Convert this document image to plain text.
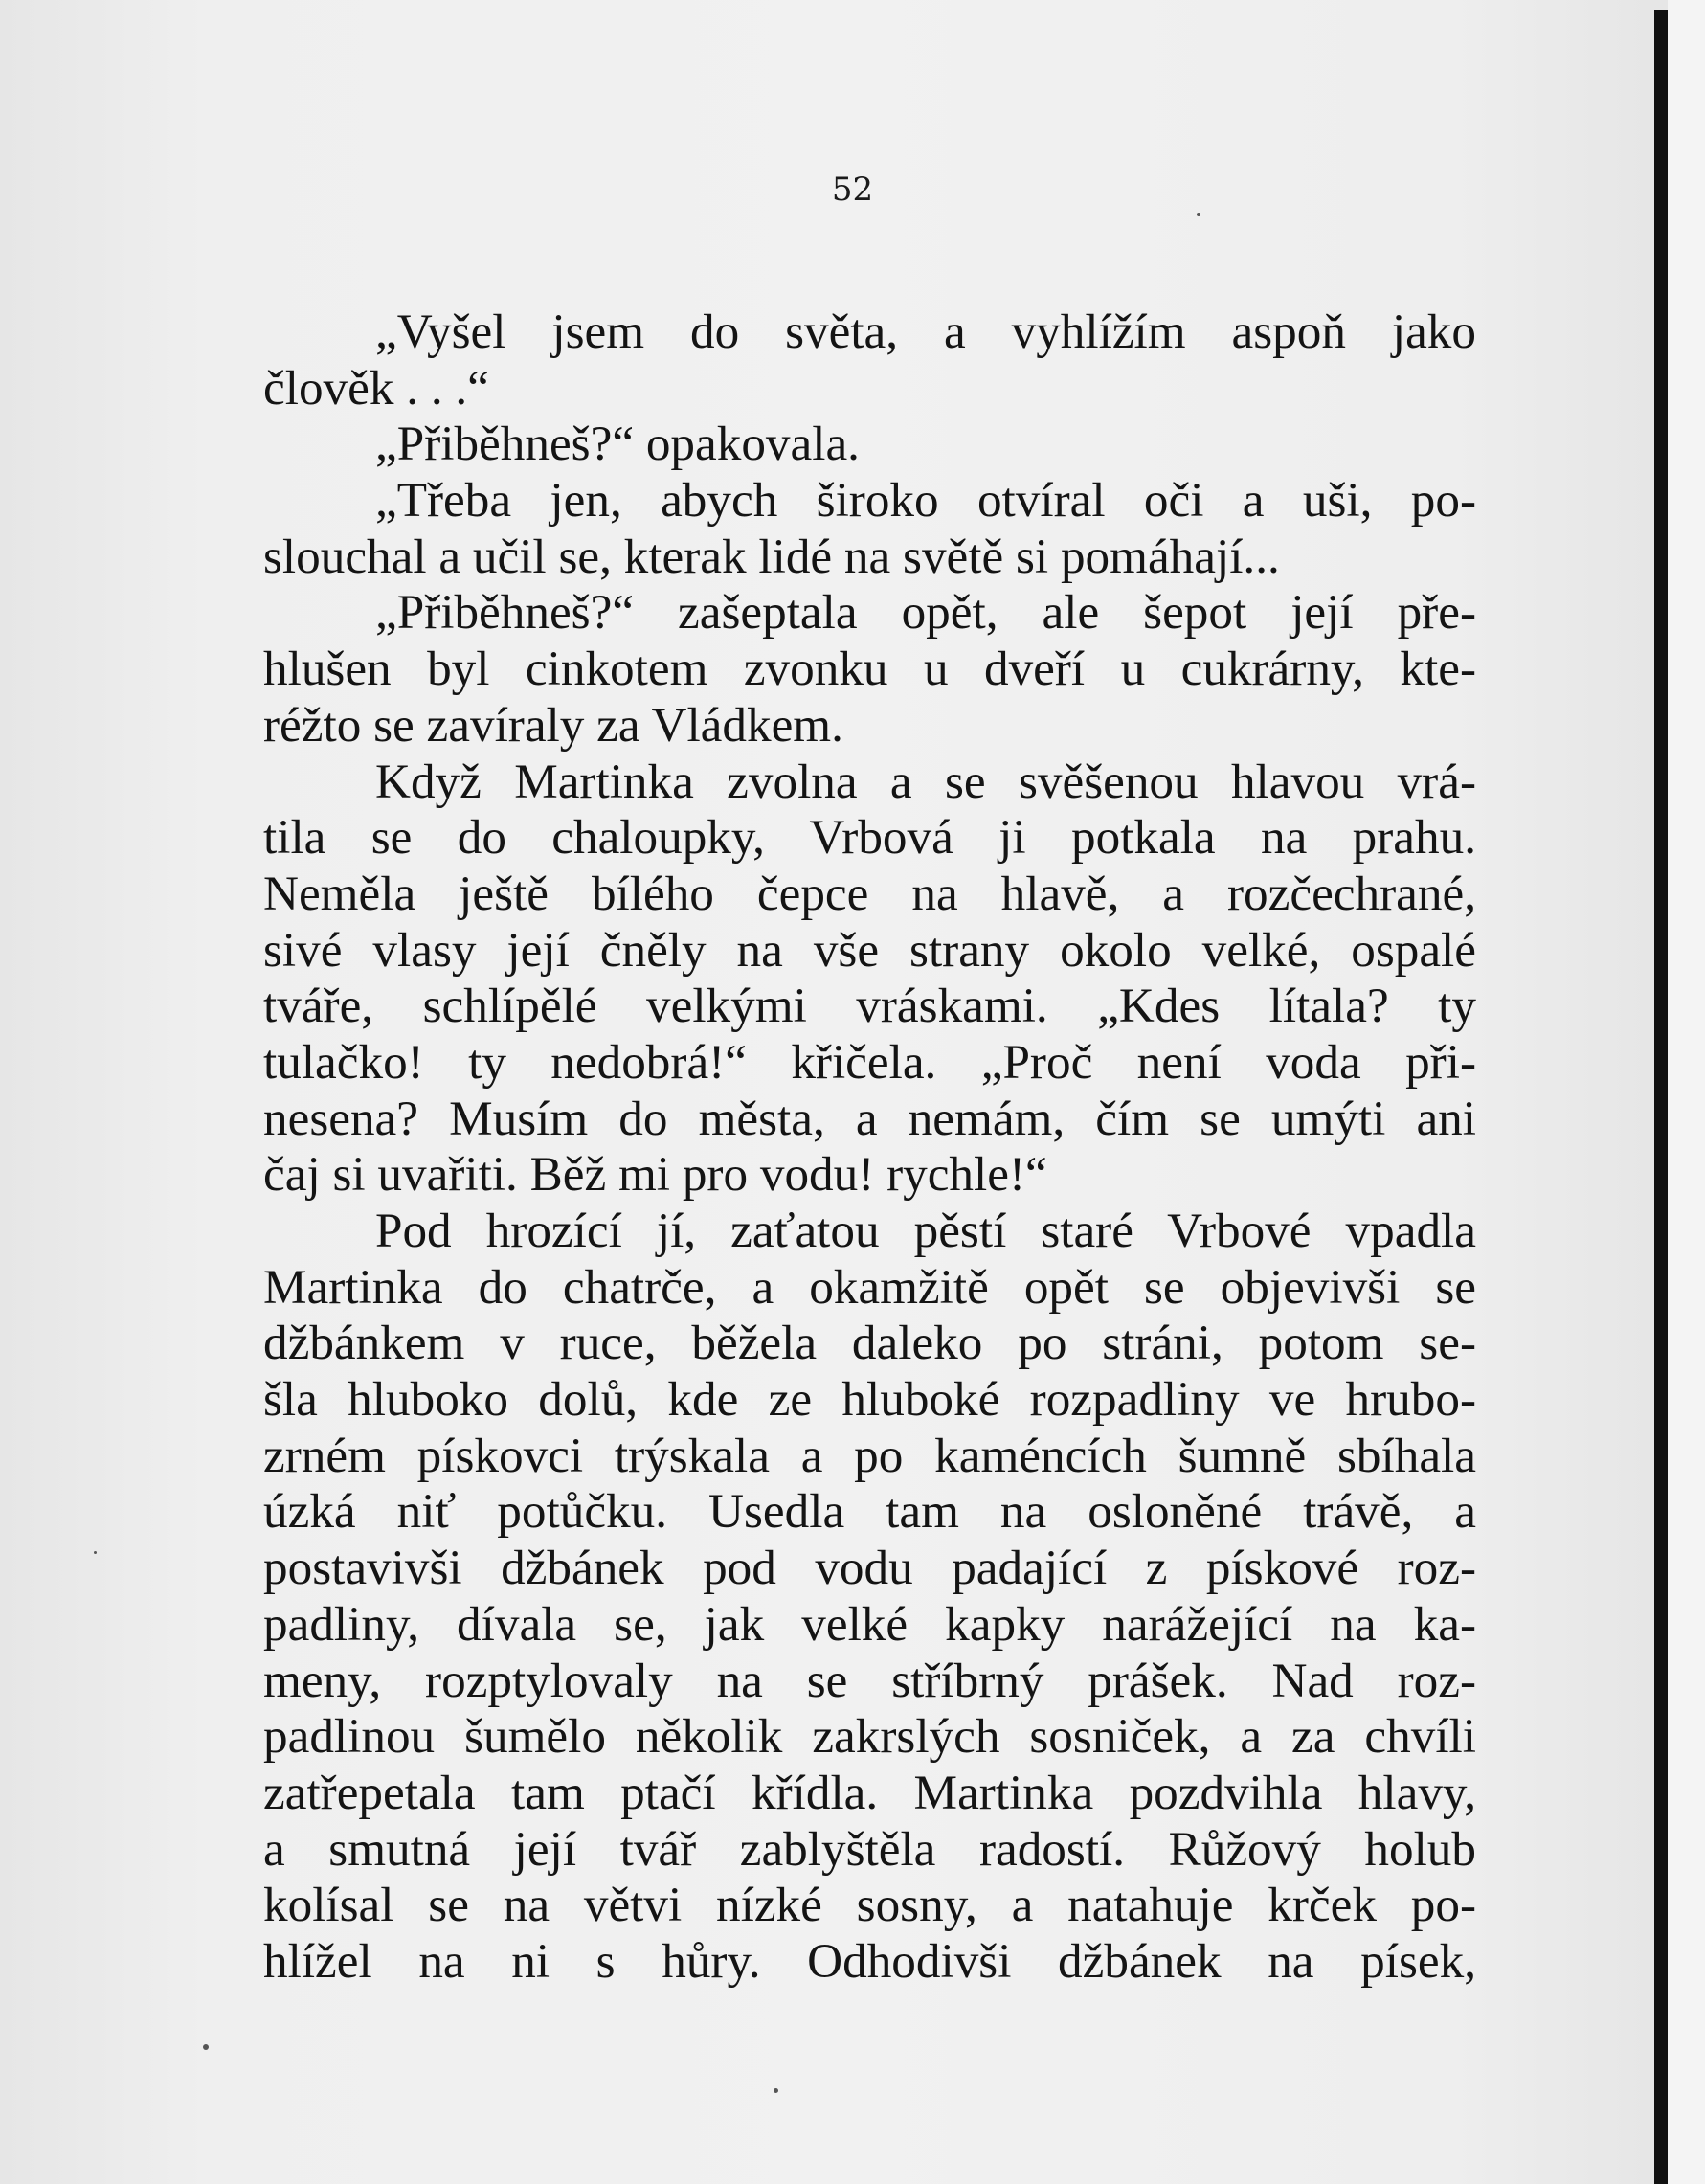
52
„Vyšel jsem do světa, a vyhlížím aspoň jako
člověk . . .“
„Přiběhneš?“ opakovala.
„Třeba jen, abych široko otvíral oči a uši, po-
slouchal a učil se, kterak lidé na světě si pomáhají...
„Přiběhneš?“ zašeptala opět, ale šepot její pře-
hlušen byl cinkotem zvonku u dveří u cukrárny, kte-
réžto se zavíraly za Vládkem.
Když Martinka zvolna a se svěšenou hlavou vrá-
tila se do chaloupky, Vrbová ji potkala na prahu.
Neměla ještě bílého čepce na hlavě, a rozčechrané,
sivé vlasy její čněly na vše strany okolo velké, ospalé
tváře, schlípělé velkými vráskami. „Kdes lítala? ty
tulačko! ty nedobrá!“ křičela. „Proč není voda při-
nesena? Musím do města, a nemám, čím se umýti ani
čaj si uvařiti. Běž mi pro vodu! rychle!“
Pod hrozící jí, zaťatou pěstí staré Vrbové vpadla
Martinka do chatrče, a okamžitě opět se objevivši se
džbánkem v ruce, běžela daleko po stráni, potom se-
šla hluboko dolů, kde ze hluboké rozpadliny ve hrubo-
zrném pískovci trýskala a po kaméncích šumně sbíhala
úzká niť potůčku. Usedla tam na osloněné trávě, a
postavivši džbánek pod vodu padající z pískové roz-
padliny, dívala se, jak velké kapky narážející na ka-
meny, rozptylovaly na se stříbrný prášek. Nad roz-
padlinou šumělo několik zakrslých sosniček, a za chvíli
zatřepetala tam ptačí křídla. Martinka pozdvihla hlavy,
a smutná její tvář zablyštěla radostí. Růžový holub
kolísal se na větvi nízké sosny, a natahuje krček po-
hlížel na ni s hůry. Odhodivši džbánek na písek,
